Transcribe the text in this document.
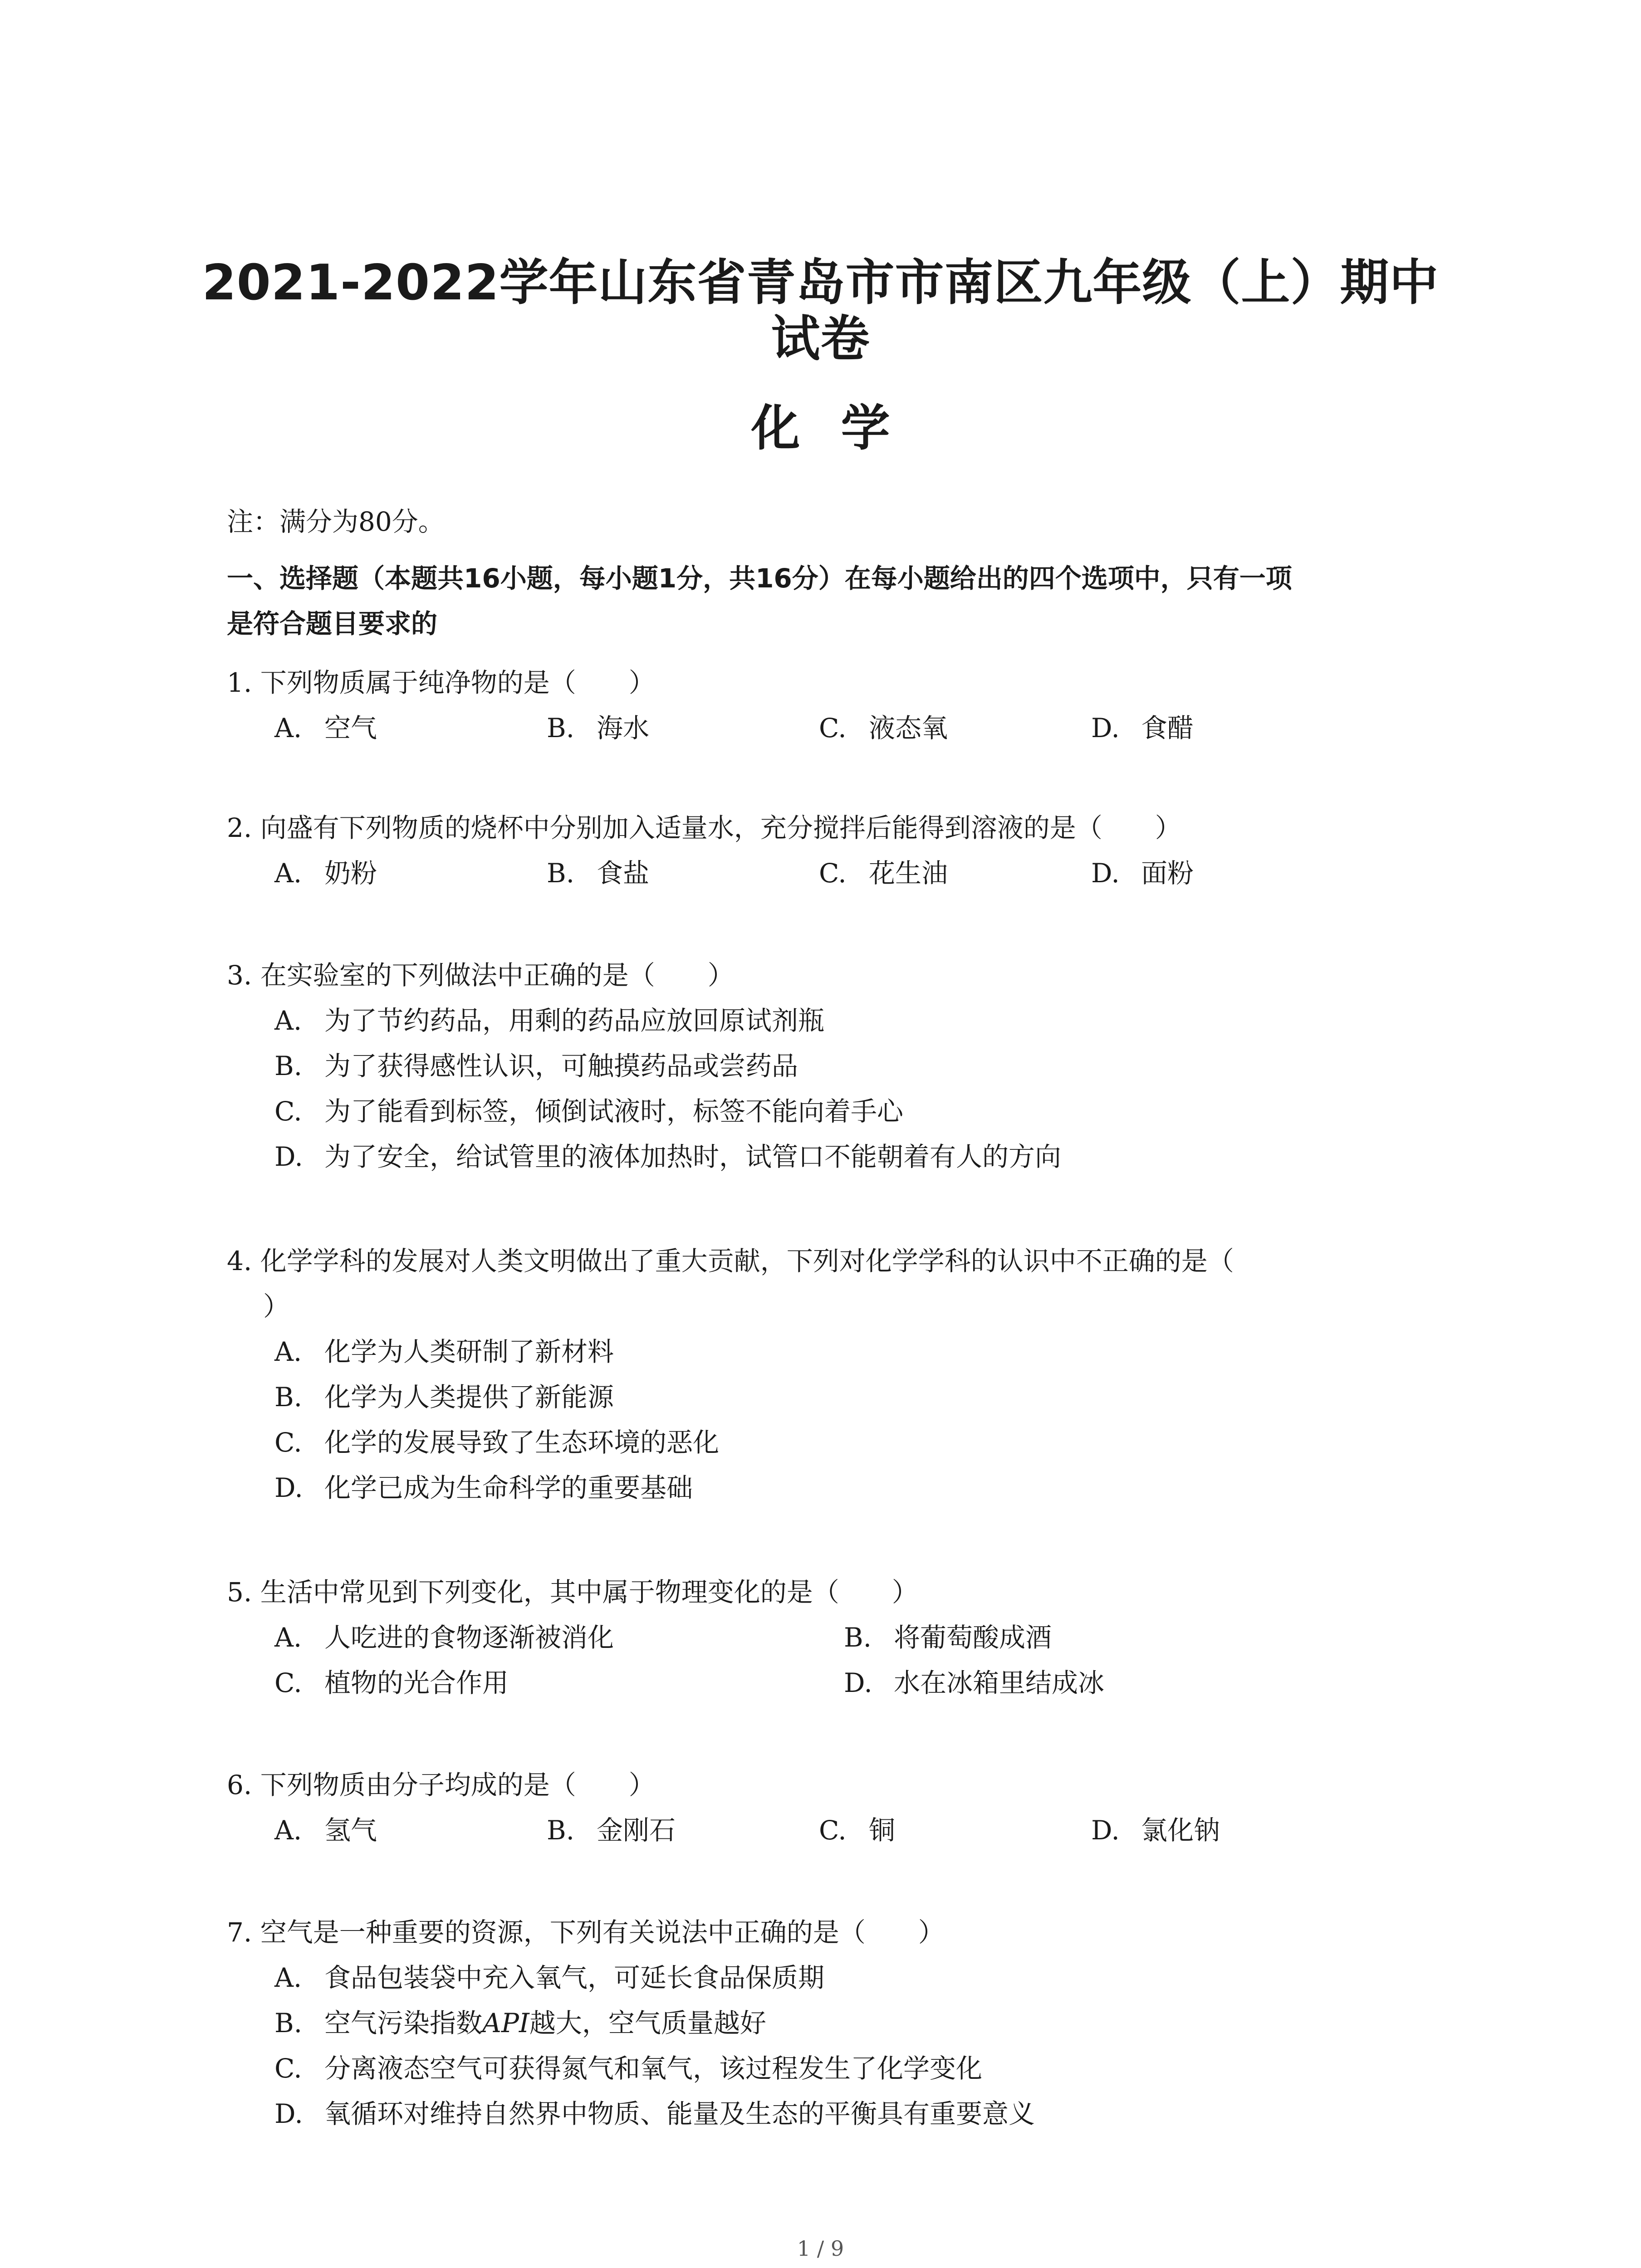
2021-2022学年山东省青岛市市南区九年级（上）期中
试卷
化学
注：满分为80分。
一、选择题（本题共16小题，每小题1分，共16分）在每小题给出的四个选项中，只有一项
是符合题目要求的
1. 下列物质属于纯净物的是（　　）
A. 空气	B. 海水	C. 液态氧	D. 食醋
2. 向盛有下列物质的烧杯中分别加入适量水，充分搅拌后能得到溶液的是（　　）
A. 奶粉	B. 食盐	C. 花生油	D. 面粉
3. 在实验室的下列做法中正确的是（　　）
A. 为了节约药品，用剩的药品应放回原试剂瓶
B. 为了获得感性认识，可触摸药品或尝药品
C. 为了能看到标签，倾倒试液时，标签不能向着手心
D. 为了安全，给试管里的液体加热时，试管口不能朝着有人的方向
4. 化学学科的发展对人类文明做出了重大贡献，下列对化学学科的认识中不正确的是（
）
A. 化学为人类研制了新材料
B. 化学为人类提供了新能源
C. 化学的发展导致了生态环境的恶化
D. 化学已成为生命科学的重要基础
5. 生活中常见到下列变化，其中属于物理变化的是（　　）
A. 人吃进的食物逐渐被消化	B. 将葡萄酸成酒
C. 植物的光合作用	D. 水在冰箱里结成冰
6. 下列物质由分子均成的是（　　）
A. 氢气	B. 金刚石	C. 铜	D. 氯化钠
7. 空气是一种重要的资源，下列有关说法中正确的是（　　）
A. 食品包装袋中充入氧气，可延长食品保质期
B. 空气污染指数API越大，空气质量越好
C. 分离液态空气可获得氮气和氧气，该过程发生了化学变化
D. 氧循环对维持自然界中物质、能量及生态的平衡具有重要意义
1 / 9
